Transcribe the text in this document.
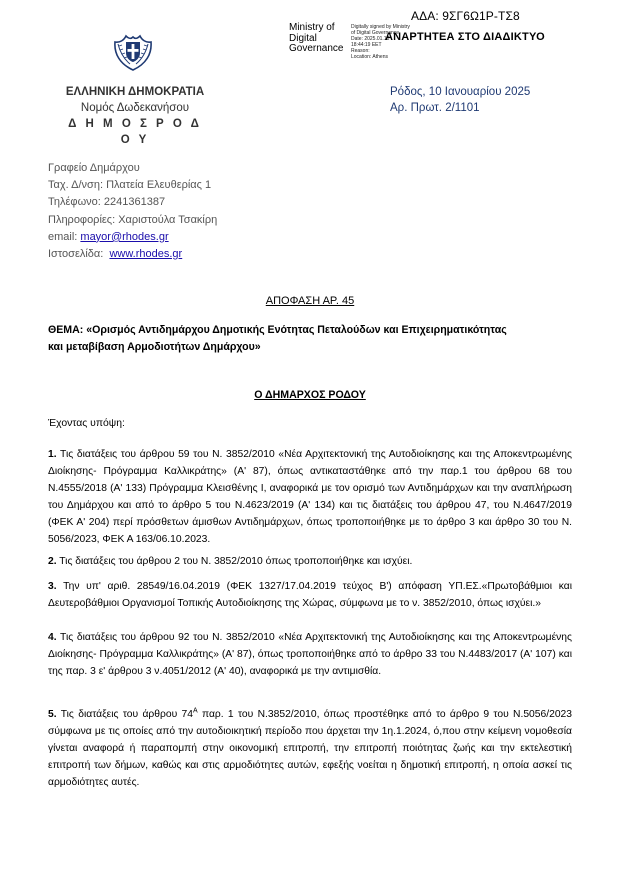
ΑΔΑ: 9ΣΓ6Ω1Ρ-ΤΣ8
Ministry of
Digital
Governance
Digitally signed by Ministry
of Digital Governance
Date: 2025.01.13
18:44:19 EET
Reason:
Location: Athens
ΑΝΑΡΤΗΤΕΑ ΣΤΟ ΔΙΑΔΙΚΤΥΟ
ΕΛΛΗΝΙΚΗ ΔΗΜΟΚΡΑΤΙΑ
Νομός Δωδεκανήσου
Δ Η Μ Ο Σ Ρ Ο Δ Ο Υ
Ρόδος, 10 Ιανουαρίου 2025
Αρ. Πρωτ. 2/1101
Γραφείο Δημάρχου
Ταχ. Δ/νση: Πλατεία Ελευθερίας 1
Τηλέφωνο: 2241361387
Πληροφορίες: Χαριστούλα Τσακίρη
email: mayor@rhodes.gr
Ιστοσελίδα:  www.rhodes.gr
ΑΠΟΦΑΣΗ ΑΡ. 45
ΘΕΜΑ: «Ορισμός Αντιδημάρχου Δημοτικής Ενότητας Πεταλούδων και Επιχειρηματικότητας
και μεταβίβαση Αρμοδιοτήτων Δημάρχου»
Ο ΔΗΜΑΡΧΟΣ ΡΟΔΟΥ
Έχοντας υπόψη:
1. Τις διατάξεις του άρθρου 59 του Ν. 3852/2010 «Νέα Αρχιτεκτονική της Αυτοδιοίκησης και της Αποκεντρωμένης Διοίκησης- Πρόγραμμα Καλλικράτης» (Α' 87), όπως αντικαταστάθηκε από την παρ.1 του άρθρου 68 του Ν.4555/2018 (Α' 133) Πρόγραμμα Κλεισθένης Ι, αναφορικά με τον ορισμό των Αντιδημάρχων και την αναπλήρωση του Δημάρχου και από το άρθρο 5 του Ν.4623/2019 (Α' 134) και τις διατάξεις του άρθρου 47, του Ν.4647/2019 (ΦΕΚ Α' 204) περί πρόσθετων άμισθων Αντιδημάρχων, όπως τροποποιήθηκε με το άρθρο 3 και άρθρο 30 του Ν. 5056/2023, ΦΕΚ Α 163/06.10.2023.
2. Τις διατάξεις του άρθρου 2 του Ν. 3852/2010 όπως τροποποιήθηκε και ισχύει.
3. Την υπ' αριθ. 28549/16.04.2019 (ΦΕΚ 1327/17.04.2019 τεύχος Β') απόφαση ΥΠ.ΕΣ.«Πρωτοβάθμιοι και Δευτεροβάθμιοι Οργανισμοί Τοπικής Αυτοδιοίκησης της Χώρας, σύμφωνα με το ν. 3852/2010, όπως ισχύει.»
4. Τις διατάξεις του άρθρου 92 του Ν. 3852/2010 «Νέα Αρχιτεκτονική της Αυτοδιοίκησης και της Αποκεντρωμένης Διοίκησης- Πρόγραμμα Καλλικράτης» (Α' 87), όπως τροποποιήθηκε από το άρθρο 33 του Ν.4483/2017 (Α' 107) και της παρ. 3 ε' άρθρου 3 ν.4051/2012 (Α' 40), αναφορικά με την αντιμισθία.
5. Τις διατάξεις του άρθρου $74^A$ παρ. 1 του Ν.3852/2010, όπως προστέθηκε από το άρθρο 9 του Ν.5056/2023 σύμφωνα με τις οποίες από την αυτοδιοικητική περίοδο που άρχεται την 1η.1.2024, ό,που στην κείμενη νομοθεσία γίνεται αναφορά ή παραπομπή στην οικονομική επιτροπή, την επιτροπή ποιότητας ζωής και την εκτελεστική επιτροπή των δήμων, καθώς και στις αρμοδιότητες αυτών, εφεξής νοείται η δημοτική επιτροπή, η οποία ασκεί τις αρμοδιότητες αυτές.
